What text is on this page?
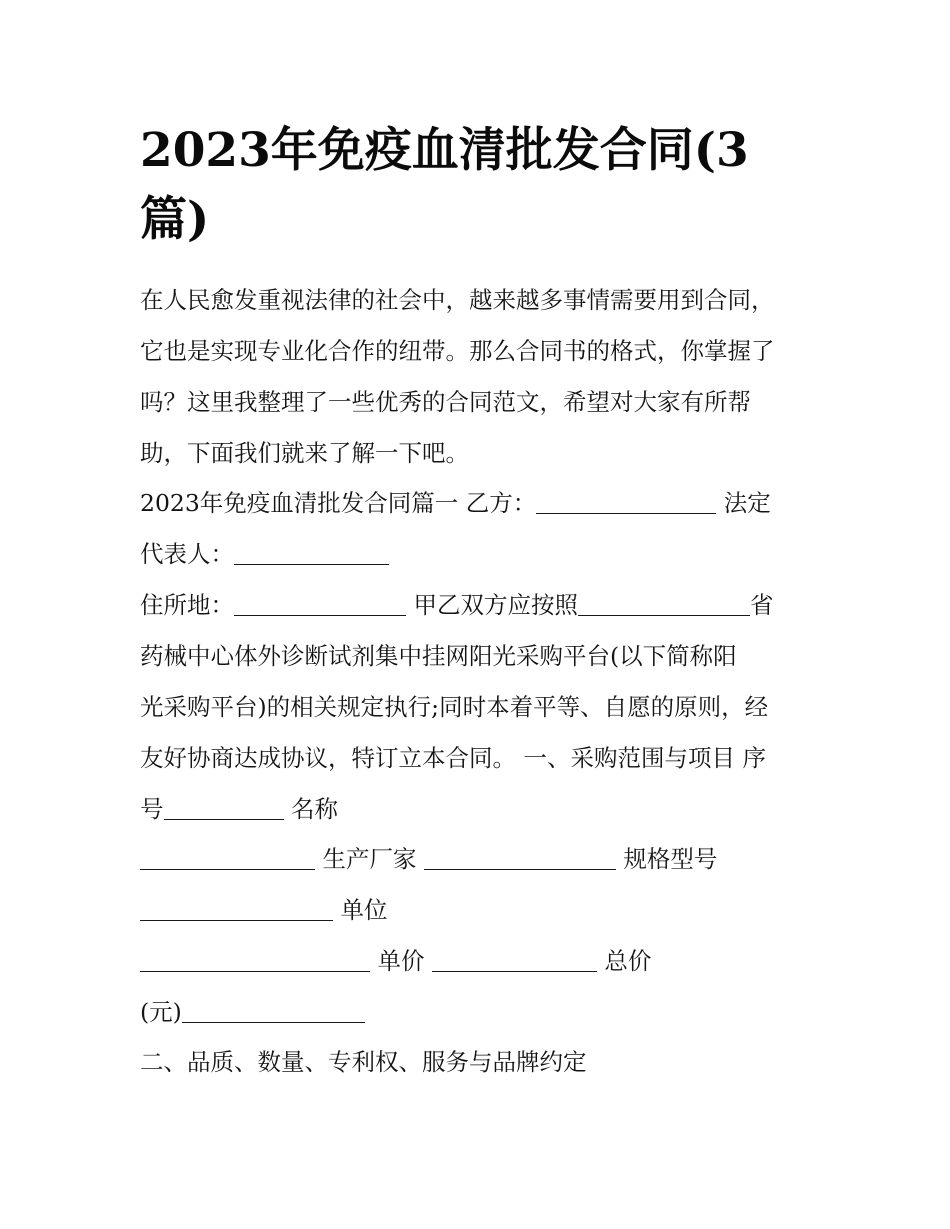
2023年免疫血清批发合同(3
篇)
在人民愈发重视法律的社会中，越来越多事情需要用到合同，
它也是实现专业化合作的纽带。那么合同书的格式，你掌握了
吗？这里我整理了一些优秀的合同范文，希望对大家有所帮
助，下面我们就来了解一下吧。
2023年免疫血清批发合同篇一 乙方：	法定
代表人：
住所地：	甲乙双方应按照	省
药械中心体外诊断试剂集中挂网阳光采购平台(以下简称阳
光采购平台)的相关规定执行;同时本着平等、自愿的原则，经
友好协商达成协议，特订立本合同。 一、采购范围与项目 序
号	名称
生产厂家	规格型号
单位
单价	总价
(元)
二、品质、数量、专利权、服务与品牌约定
